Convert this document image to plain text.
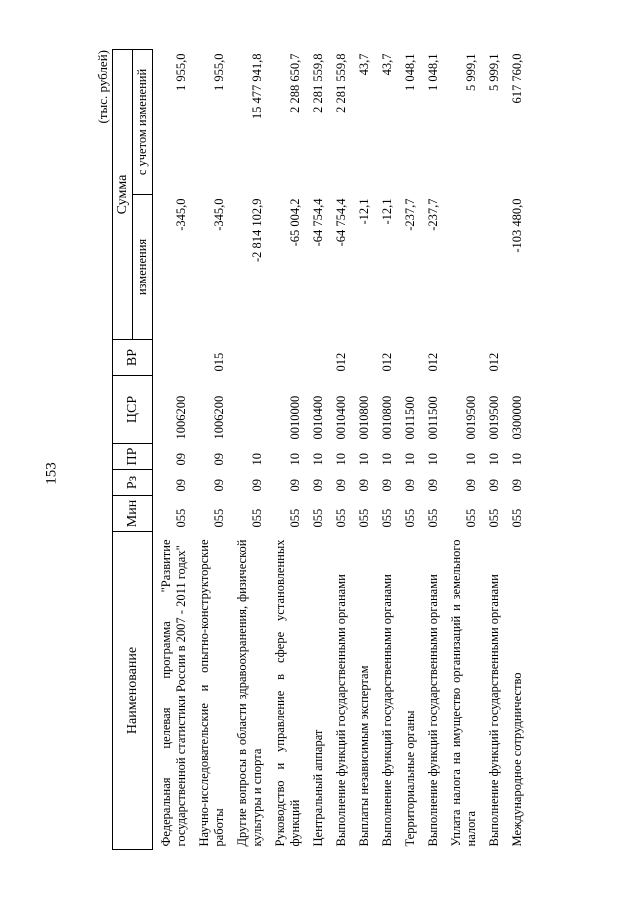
153
(тыс. рублей)
Наименование	Мин	Рз	ПР	ЦСР	ВР	Сумма	
						изменения	с учетом изменений
Федеральная целевая программа "Развитие государственной статистики России в 2007 - 2011 годах"	055	09	09	1006200		-345,0	1 955,0
Научно-исследовательские и опытно-конструкторские работы	055	09	09	1006200	015	-345,0	1 955,0
Другие вопросы в области здравоохранения, физической культуры и спорта	055	09	10			-2 814 102,9	15 477 941,8
Руководство и управление в сфере установленных функций	055	09	10	0010000		-65 004,2	2 288 650,7
Центральный аппарат	055	09	10	0010400		-64 754,4	2 281 559,8
Выполнение функций государственными органами	055	09	10	0010400	012	-64 754,4	2 281 559,8
Выплаты независимым экспертам	055	09	10	0010800		-12,1	43,7
Выполнение функций государственными органами	055	09	10	0010800	012	-12,1	43,7
Территориальные органы	055	09	10	0011500		-237,7	1 048,1
Выполнение функций государственными органами	055	09	10	0011500	012	-237,7	1 048,1
Уплата налога на имущество организаций и земельного налога	055	09	10	0019500			5 999,1
Выполнение функций государственными органами	055	09	10	0019500	012		5 999,1
Международное сотрудничество	055	09	10	0300000		-103 480,0	617 760,0
